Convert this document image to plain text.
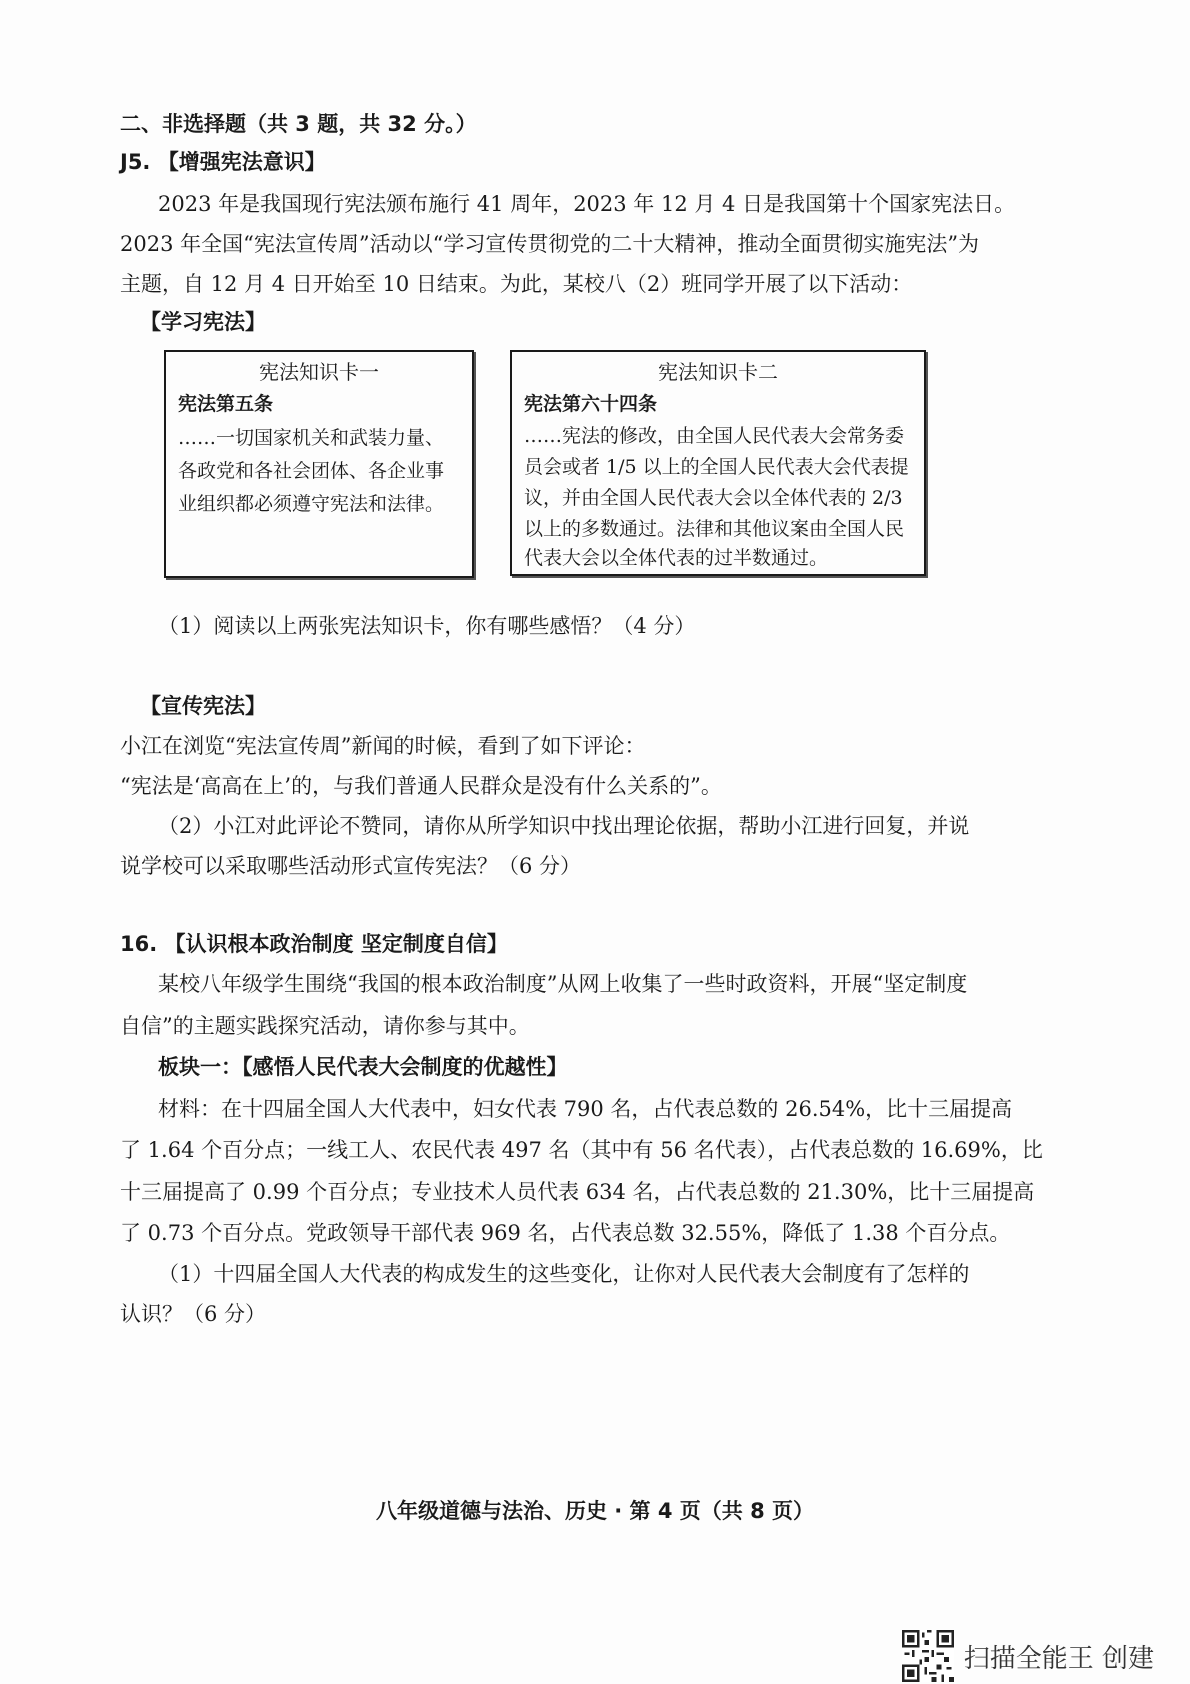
二、非选择题（共 3 题，共 32 分。）
J5. 【增强宪法意识】
2023 年是我国现行宪法颁布施行 41 周年，2023 年 12 月 4 日是我国第十个国家宪法日。
2023 年全国“宪法宣传周”活动以“学习宣传贯彻党的二十大精神，推动全面贯彻实施宪法”为
主题，自 12 月 4 日开始至 10 日结束。为此，某校八（2）班同学开展了以下活动：
【学习宪法】
宪法知识卡一
宪法第五条
……一切国家机关和武装力量、
各政党和各社会团体、各企业事
业组织都必须遵守宪法和法律。
宪法知识卡二
宪法第六十四条
……宪法的修改，由全国人民代表大会常务委
员会或者 1/5 以上的全国人民代表大会代表提
议，并由全国人民代表大会以全体代表的 2/3
以上的多数通过。法律和其他议案由全国人民
代表大会以全体代表的过半数通过。
（1）阅读以上两张宪法知识卡，你有哪些感悟？（4 分）
【宣传宪法】
小江在浏览“宪法宣传周”新闻的时候，看到了如下评论：
“宪法是‘高高在上’的，与我们普通人民群众是没有什么关系的”。
（2）小江对此评论不赞同，请你从所学知识中找出理论依据，帮助小江进行回复，并说
说学校可以采取哪些活动形式宣传宪法？（6 分）
16. 【认识根本政治制度 坚定制度自信】
某校八年级学生围绕“我国的根本政治制度”从网上收集了一些时政资料，开展“坚定制度
自信”的主题实践探究活动，请你参与其中。
板块一：【感悟人民代表大会制度的优越性】
材料：在十四届全国人大代表中，妇女代表 790 名，占代表总数的 26.54%，比十三届提高
了 1.64 个百分点；一线工人、农民代表 497 名（其中有 56 名代表），占代表总数的 16.69%，比
十三届提高了 0.99 个百分点；专业技术人员代表 634 名，占代表总数的 21.30%，比十三届提高
了 0.73 个百分点。党政领导干部代表 969 名，占代表总数 32.55%，降低了 1.38 个百分点。
（1）十四届全国人大代表的构成发生的这些变化，让你对人民代表大会制度有了怎样的
认识？（6 分）
八年级道德与法治、历史 · 第 4 页（共 8 页）
扫描全能王 创建
